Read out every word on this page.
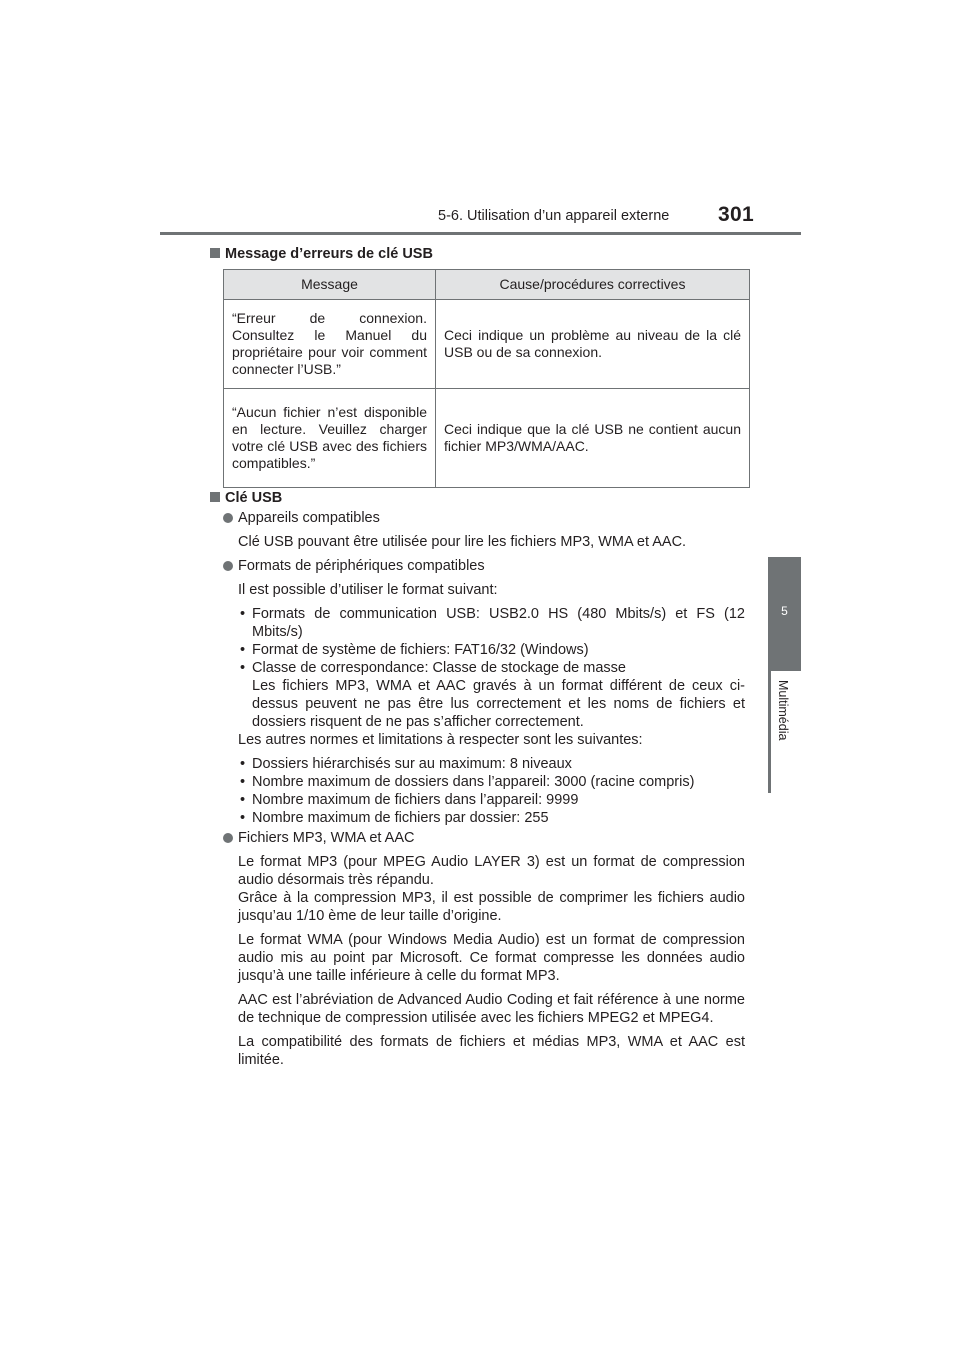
5-6. Utilisation d’un appareil externe 301
5
Multimédia
Message d’erreurs de clé USB
Message	Cause/procédures correctives
“Erreur de connexion. Consultez le Manuel du propriétaire pour voir comment connecter l’USB.”	Ceci indique un problème au niveau de la clé USB ou de sa connexion.
“Aucun fichier n’est disponible en lecture. Veuillez charger votre clé USB avec des fichiers compatibles.”	Ceci indique que la clé USB ne contient aucun fichier MP3/WMA/AAC.
Clé USB
Appareils compatibles
Clé USB pouvant être utilisée pour lire les fichiers MP3, WMA et AAC.
Formats de périphériques compatibles
Il est possible d’utiliser le format suivant:
• Formats de communication USB: USB2.0 HS (480 Mbits/s) et FS (12 Mbits/s)
• Format de système de fichiers: FAT16/32 (Windows)
• Classe de correspondance: Classe de stockage de masse
Les fichiers MP3, WMA et AAC gravés à un format différent de ceux ci-dessus peuvent ne pas être lus correctement et les noms de fichiers et dossiers risquent de ne pas s’afficher correctement.
Les autres normes et limitations à respecter sont les suivantes:
• Dossiers hiérarchisés sur au maximum: 8 niveaux
• Nombre maximum de dossiers dans l’appareil: 3000 (racine compris)
• Nombre maximum de fichiers dans l’appareil: 9999
• Nombre maximum de fichiers par dossier: 255
Fichiers MP3, WMA et AAC
Le format MP3 (pour MPEG Audio LAYER 3) est un format de compression audio désormais très répandu.
Grâce à la compression MP3, il est possible de comprimer les fichiers audio jusqu’au 1/10 ème de leur taille d’origine.
Le format WMA (pour Windows Media Audio) est un format de compression audio mis au point par Microsoft. Ce format compresse les données audio jusqu’à une taille inférieure à celle du format MP3.
AAC est l’abréviation de Advanced Audio Coding et fait référence à une norme de technique de compression utilisée avec les fichiers MPEG2 et MPEG4.
La compatibilité des formats de fichiers et médias MP3, WMA et AAC est limitée.
